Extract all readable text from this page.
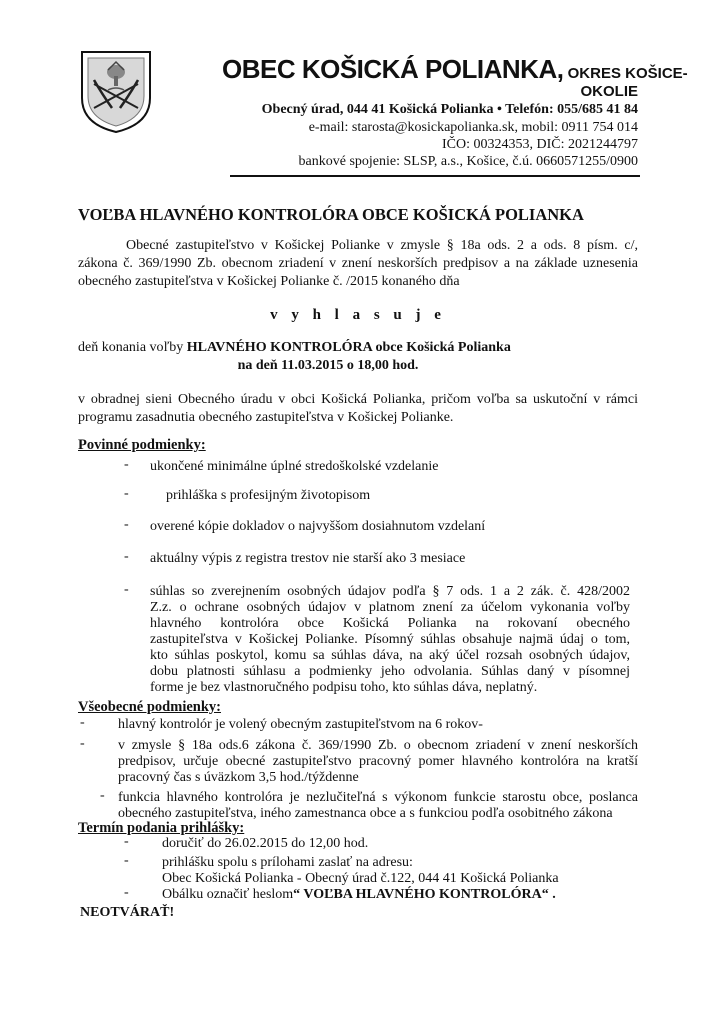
OBEC KOŠICKÁ POLIANKA, OKRES KOŠICE-
OKOLIE
Obecný úrad, 044 41 Košická Polianka • Telefón: 055/685 41 84
e-mail: starosta@kosickapolianka.sk, mobil: 0911 754 014
IČO: 00324353, DIČ: 2021244797
bankové spojenie: SLSP, a.s., Košice, č.ú. 0660571255/0900
VOĽBA HLAVNÉHO KONTROLÓRA OBCE KOŠICKÁ POLIANKA
Obecné zastupiteľstvo v Košickej Polianke v zmysle § 18a ods. 2 a ods. 8 písm. c/,
zákona č. 369/1990 Zb. obecnom zriadení v znení neskorších predpisov a na základe uznesenia
obecného zastupiteľstva v Košickej Polianke č. /2015 konaného dňa
v y h l a s u j e
deň konania voľby HLAVNÉHO KONTROLÓRA obce Košická Polianka
na deň 11.03.2015 o 18,00 hod.
v obradnej sieni Obecného úradu v obci Košická Polianka, pričom voľba sa uskutoční v rámci
programu zasadnutia obecného zastupiteľstva v Košickej Polianke.
Povinné podmienky:
- ukončené minimálne úplné stredoškolské vzdelanie
-	prihláška s profesijným životopisom
- overené kópie dokladov o najvyššom dosiahnutom vzdelaní
- aktuálny výpis z registra trestov nie starší ako 3 mesiace
- súhlas so zverejnením osobných údajov podľa § 7 ods. 1 a 2 zák. č. 428/2002
Z.z. o ochrane osobných údajov v platnom znení za účelom vykonania voľby
hlavného kontrolóra obce Košická Polianka na rokovaní obecného
zastupiteľstva v Košickej Polianke. Písomný súhlas obsahuje najmä údaj o tom,
kto súhlas poskytol, komu sa súhlas dáva, na aký účel rozsah osobných údajov,
dobu platnosti súhlasu a podmienky jeho odvolania. Súhlas daný v písomnej
forme je bez vlastnoručného podpisu toho, kto súhlas dáva, neplatný.
Všeobecné podmienky:
- hlavný kontrolór je volený obecným zastupiteľstvom na 6 rokov-
- v zmysle § 18a ods.6 zákona č. 369/1990 Zb. o obecnom zriadení v znení neskorších
predpisov, určuje obecné zastupiteľstvo pracovný pomer hlavného kontrolóra na kratší
pracovný čas s úväzkom 3,5 hod./týždenne
- funkcia hlavného kontrolóra je nezlučiteľná s výkonom funkcie starostu obce, poslanca
obecného zastupiteľstva, iného zamestnanca obce a s funkciou podľa osobitného zákona
Termín podania prihlášky:
- doručiť do 26.02.2015 do 12,00 hod.
- prihlášku spolu s prílohami zaslať na adresu:
Obec Košická Polianka - Obecný úrad č.122, 044 41 Košická Polianka
- Obálku označiť heslom“ VOĽBA HLAVNÉHO KONTROLÓRA“ .
NEOTVÁRAŤ!
